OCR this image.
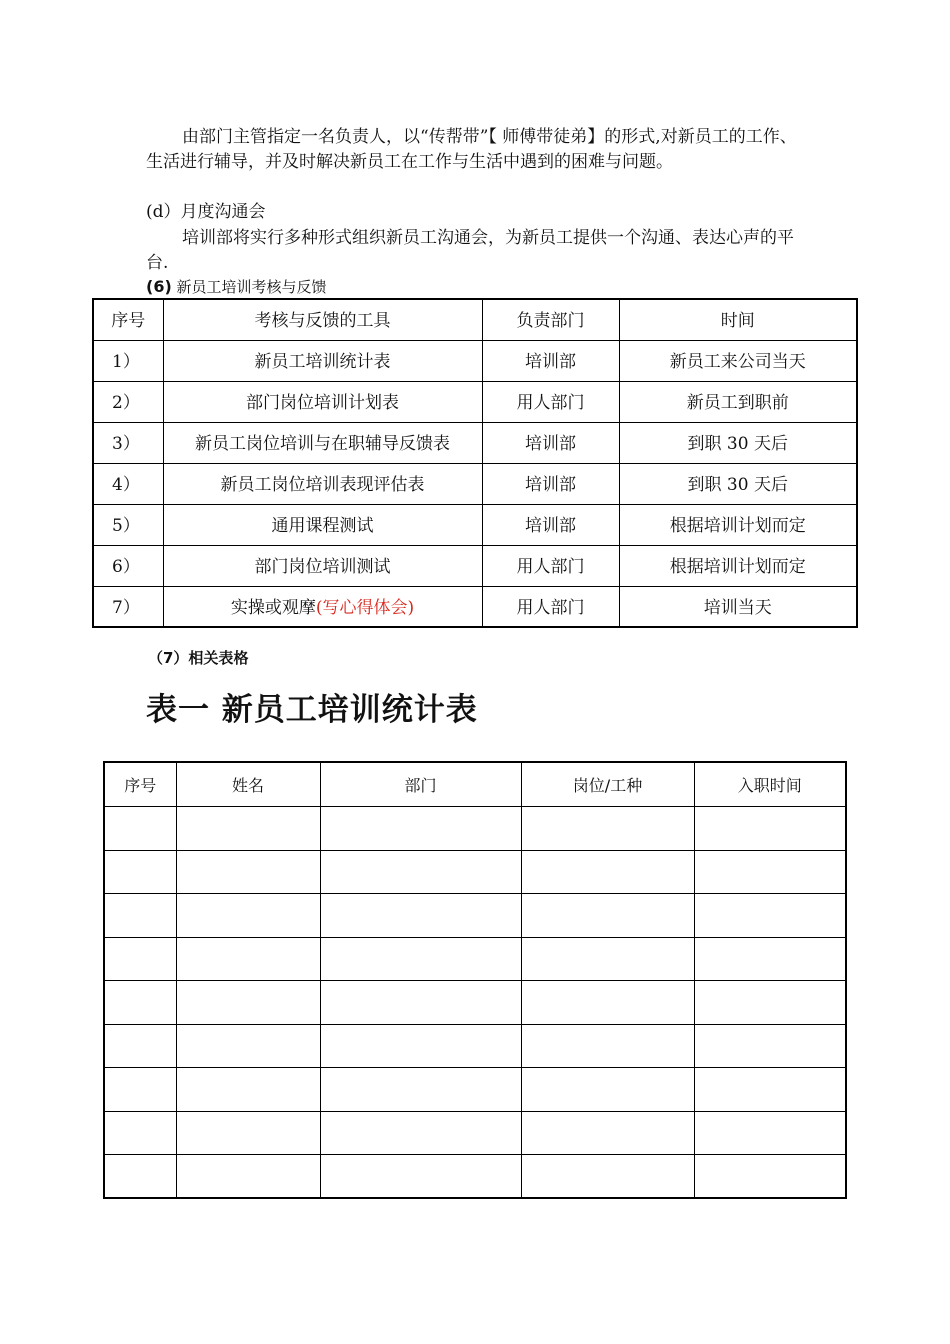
由部门主管指定一名负责人，以“传帮带”【 师傅带徒弟】的形式,对新员工的工作、生活进行辅导，并及时解决新员工在工作与生活中遇到的困难与问题。

(d）月度沟通会

培训部将实行多种形式组织新员工沟通会，为新员工提供一个沟通、表达心声的平台.

(6) 新员工培训考核与反馈
序号	考核与反馈的工具	负责部门	时间
1）	新员工培训统计表	培训部	新员工来公司当天
2）	部门岗位培训计划表	用人部门	新员工到职前
3）	新员工岗位培训与在职辅导反馈表	培训部	到职 30 天后
4）	新员工岗位培训表现评估表	培训部	到职 30 天后
5）	通用课程测试	培训部	根据培训计划而定
6）	部门岗位培训测试	用人部门	根据培训计划而定
7）	实操或观摩(写心得体会)	用人部门	培训当天
（7）相关表格
表一 新员工培训统计表
序号	姓名	部门	岗位/工种	入职时间
